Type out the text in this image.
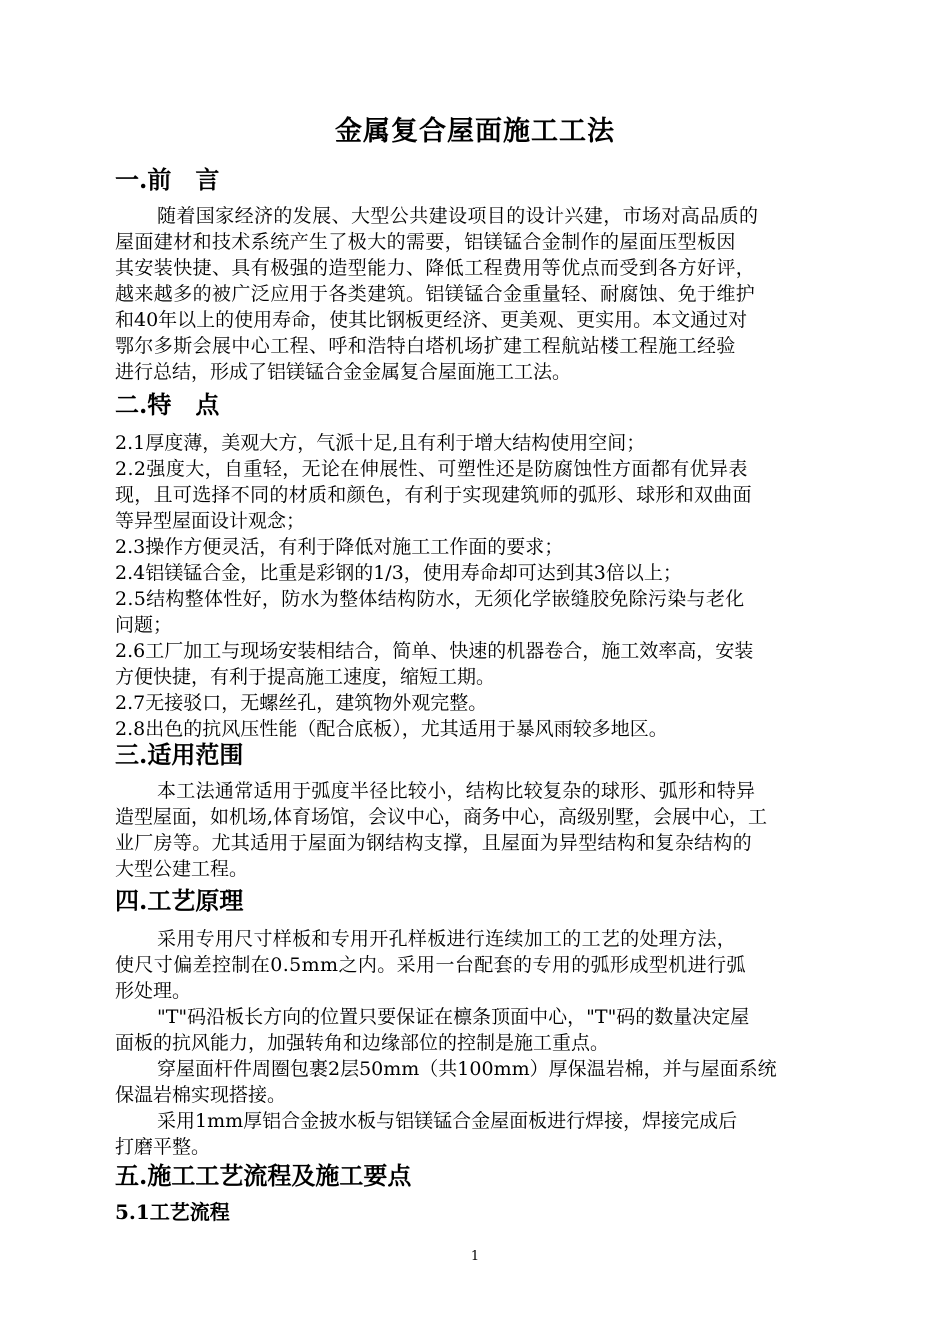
金属复合屋面施工工法
一.前　言
随着国家经济的发展、大型公共建设项目的设计兴建，市场对高品质的
屋面建材和技术系统产生了极大的需要，铝镁锰合金制作的屋面压型板因
其安装快捷、具有极强的造型能力、降低工程费用等优点而受到各方好评，
越来越多的被广泛应用于各类建筑。铝镁锰合金重量轻、耐腐蚀、免于维护
和40年以上的使用寿命，使其比钢板更经济、更美观、更实用。本文通过对
鄂尔多斯会展中心工程、呼和浩特白塔机场扩建工程航站楼工程施工经验
进行总结，形成了铝镁锰合金金属复合屋面施工工法。
二.特　点
2.1厚度薄，美观大方，气派十足,且有利于增大结构使用空间；
2.2强度大，自重轻，无论在伸展性、可塑性还是防腐蚀性方面都有优异表
现，且可选择不同的材质和颜色，有利于实现建筑师的弧形、球形和双曲面
等异型屋面设计观念；
2.3操作方便灵活，有利于降低对施工工作面的要求；
2.4铝镁锰合金，比重是彩钢的1/3，使用寿命却可达到其3倍以上；
2.5结构整体性好，防水为整体结构防水，无须化学嵌缝胶免除污染与老化
问题；
2.6工厂加工与现场安装相结合，简单、快速的机器卷合，施工效率高，安装
方便快捷，有利于提高施工速度，缩短工期。
2.7无接驳口，无螺丝孔，建筑物外观完整。
2.8出色的抗风压性能（配合底板），尤其适用于暴风雨较多地区。
三.适用范围
本工法通常适用于弧度半径比较小，结构比较复杂的球形、弧形和特异
造型屋面，如机场,体育场馆，会议中心，商务中心，高级别墅，会展中心，工
业厂房等。尤其适用于屋面为钢结构支撑，且屋面为异型结构和复杂结构的
大型公建工程。
四.工艺原理
采用专用尺寸样板和专用开孔样板进行连续加工的工艺的处理方法，
使尺寸偏差控制在0.5mm之内。采用一台配套的专用的弧形成型机进行弧
形处理。
"T"码沿板长方向的位置只要保证在檩条顶面中心，"T"码的数量决定屋
面板的抗风能力，加强转角和边缘部位的控制是施工重点。
穿屋面杆件周圈包裹2层50mm（共100mm）厚保温岩棉，并与屋面系统
保温岩棉实现搭接。
采用1mm厚铝合金披水板与铝镁锰合金屋面板进行焊接，焊接完成后
打磨平整。
五.施工工艺流程及施工要点
5.1工艺流程
1
